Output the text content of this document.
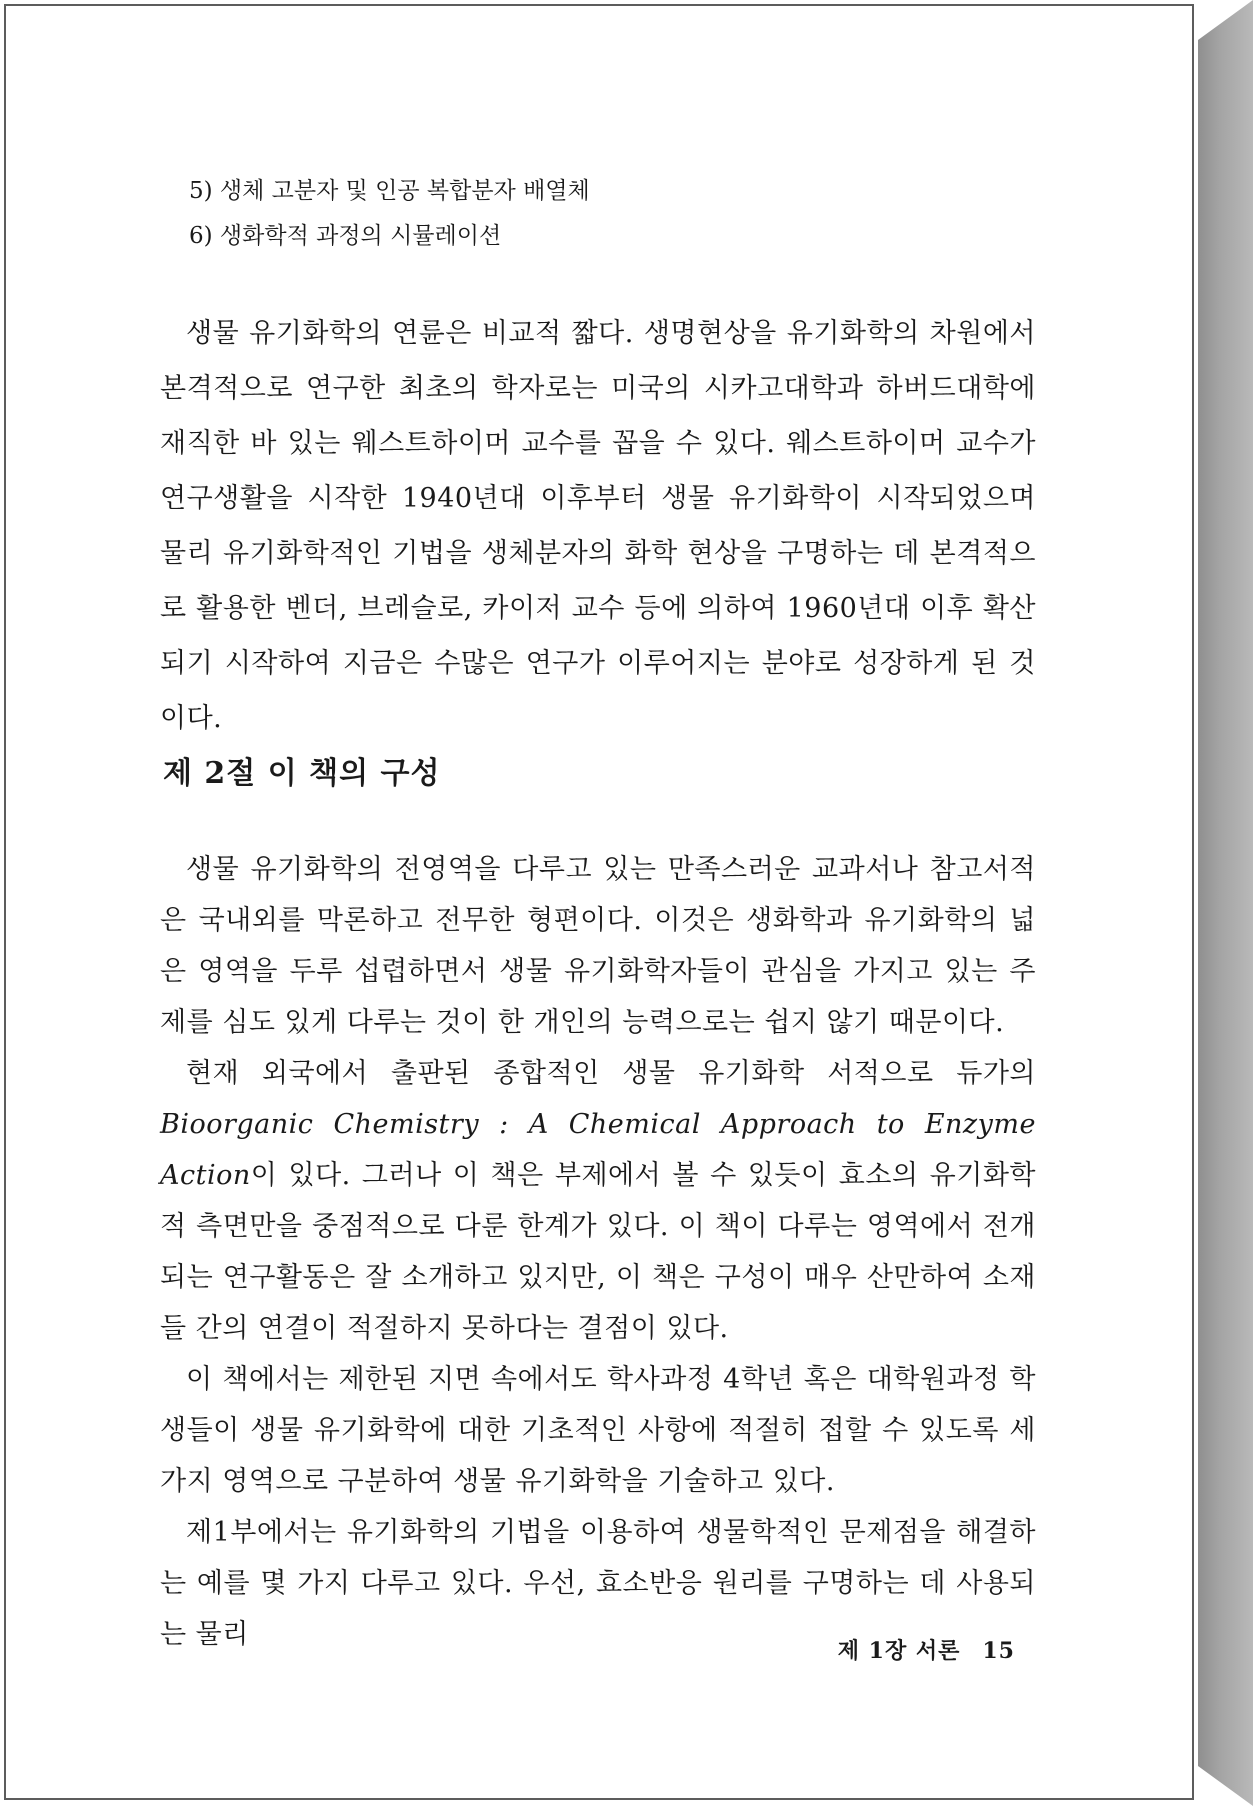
5) 생체 고분자 및 인공 복합분자 배열체
6) 생화학적 과정의 시뮬레이션

생물 유기화학의 연륜은 비교적 짧다. 생명현상을 유기화학의 차원에서 본격적으로 연구한 최초의 학자로는 미국의 시카고대학과 하버드대학에 재직한 바 있는 웨스트하이머 교수를 꼽을 수 있다. 웨스트하이머 교수가 연구생활을 시작한 1940년대 이후부터 생물 유기화학이 시작되었으며 물리 유기화학적인 기법을 생체분자의 화학 현상을 구명하는 데 본격적으로 활용한 벤더, 브레슬로, 카이저 교수 등에 의하여 1960년대 이후 확산되기 시작하여 지금은 수많은 연구가 이루어지는 분야로 성장하게 된 것이다.

제 2절 이 책의 구성

생물 유기화학의 전영역을 다루고 있는 만족스러운 교과서나 참고서적은 국내외를 막론하고 전무한 형편이다. 이것은 생화학과 유기화학의 넓은 영역을 두루 섭렵하면서 생물 유기화학자들이 관심을 가지고 있는 주제를 심도 있게 다루는 것이 한 개인의 능력으로는 쉽지 않기 때문이다.

현재 외국에서 출판된 종합적인 생물 유기화학 서적으로 듀가의 Bioorganic Chemistry : A Chemical Approach to Enzyme Action이 있다. 그러나 이 책은 부제에서 볼 수 있듯이 효소의 유기화학적 측면만을 중점적으로 다룬 한계가 있다. 이 책이 다루는 영역에서 전개되는 연구활동은 잘 소개하고 있지만, 이 책은 구성이 매우 산만하여 소재들 간의 연결이 적절하지 못하다는 결점이 있다.

이 책에서는 제한된 지면 속에서도 학사과정 4학년 혹은 대학원과정 학생들이 생물 유기화학에 대한 기초적인 사항에 적절히 접할 수 있도록 세 가지 영역으로 구분하여 생물 유기화학을 기술하고 있다.

제1부에서는 유기화학의 기법을 이용하여 생물학적인 문제점을 해결하는 예를 몇 가지 다루고 있다. 우선, 효소반응 원리를 구명하는 데 사용되는 물리

제 1장 서론 15
